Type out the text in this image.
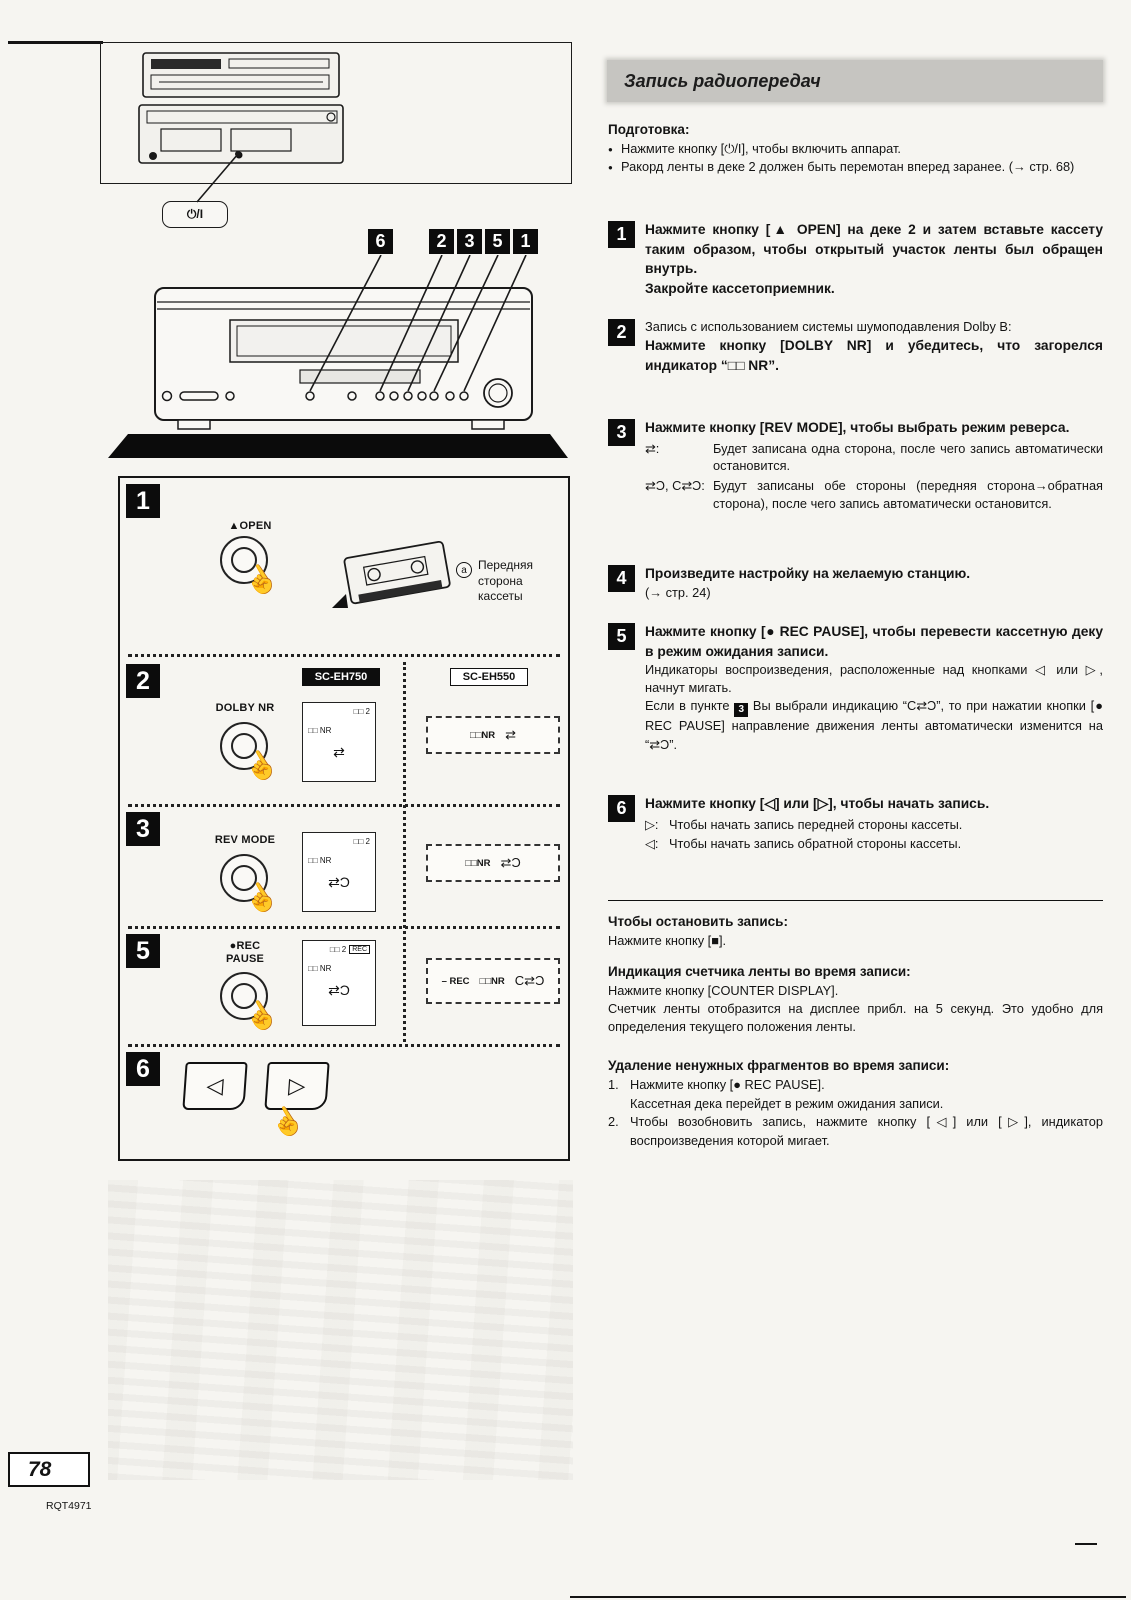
⏻/I
6	2 3 5 1
1
▲OPEN
☝	a Передняя сторона кассеты
2	SC-EH750	SC-EH550
DOLBY NR
☝
□□ 2
□□ NR
⇄
□□NR ⇄
3	REV MODE
☝
□□ 2
□□ NR
⇄Ɔ
□□NR ⇄Ɔ
5	●REC
PAUSE
☝
□□ 2 REC
□□ NR
⇄Ɔ
– REC □□NR C⇄Ɔ
6
◁	▷
☝
Запись радиопередач
Подготовка:
● Нажмите кнопку [⏻/I], чтобы включить аппарат.
● Ракорд ленты в деке 2 должен быть перемотан вперед заранее. (→ стр. 68)
1	Нажмите кнопку [▲ OPEN] на деке 2 и затем вставьте кассету таким образом, чтобы открытый участок ленты был обращен внутрь.
Закройте кассетоприемник.
2	Запись с использованием системы шумоподавления Dolby B:
Нажмите кнопку [DOLBY NR] и убедитесь, что загорелся индикатор “□□ NR”.
3	Нажмите кнопку [REV MODE], чтобы выбрать режим реверса.
⇄:	Будет записана одна сторона, после чего запись автоматически остановится.
⇄Ɔ, C⇄Ɔ: Будут записаны обе стороны (передняя сторона→обратная сторона), после чего запись автоматически остановится.
4	Произведите настройку на желаемую станцию.
(→ стр. 24)
5	Нажмите кнопку [● REC PAUSE], чтобы перевести кассетную деку в режим ожидания записи.
Индикаторы воспроизведения, расположенные над кнопками ◁ или ▷, начнут мигать.
Если в пункте 3 Вы выбрали индикацию “C⇄Ɔ”, то при нажатии кнопки [● REC PAUSE] направление движения ленты автоматически изменится на “⇄Ɔ”.
6	Нажмите кнопку [◁] или [▷], чтобы начать запись.
▷: Чтобы начать запись передней стороны кассеты.
◁: Чтобы начать запись обратной стороны кассеты.
Чтобы остановить запись:
Нажмите кнопку [■].
Индикация счетчика ленты во время записи:
Нажмите кнопку [COUNTER DISPLAY].
Счетчик ленты отобразится на дисплее прибл. на 5 секунд. Это удобно для определения текущего положения ленты.
Удаление ненужных фрагментов во время записи:
1. Нажмите кнопку [● REC PAUSE].
Кассетная дека перейдет в режим ожидания записи.
2. Чтобы возобновить запись, нажмите кнопку [◁] или [▷], индикатор воспроизведения которой мигает.
78
RQT4971
